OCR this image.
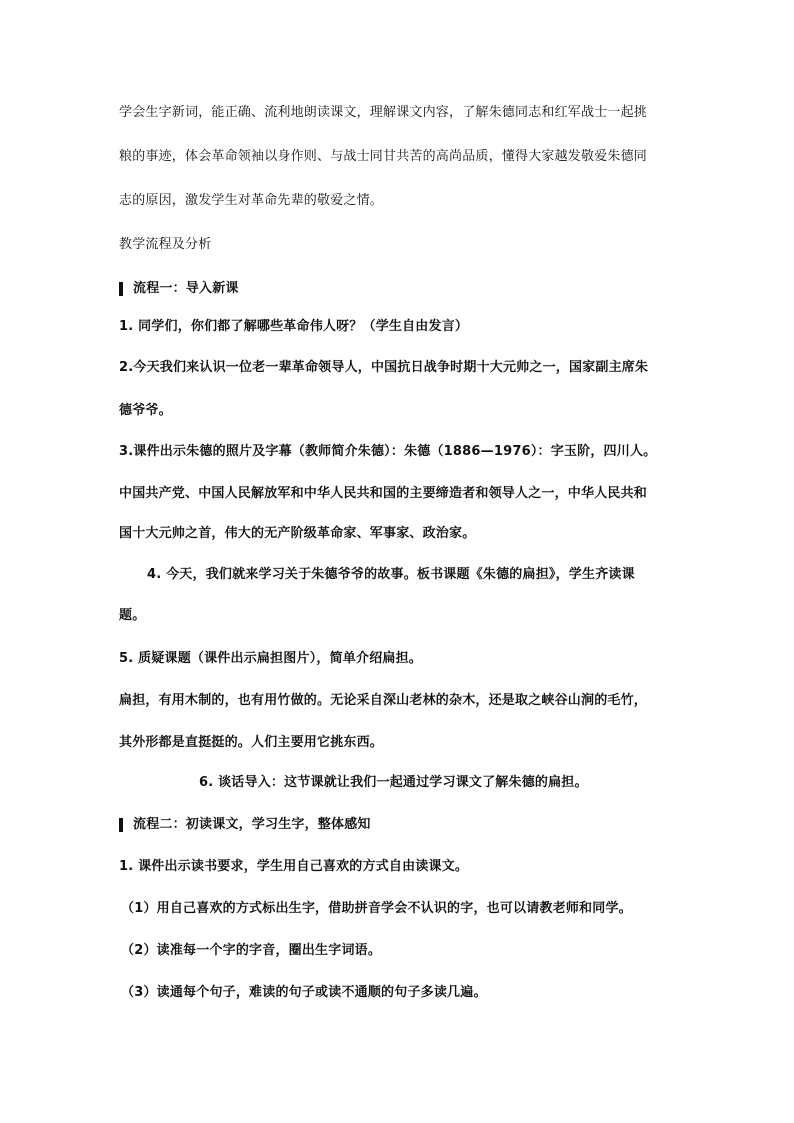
学会生字新词，能正确、流利地朗读课文，理解课文内容，了解朱德同志和红军战士一起挑

粮的事迹，体会革命领袖以身作则、与战士同甘共苦的高尚品质，懂得大家越发敬爱朱德同

志的原因，激发学生对革命先辈的敬爱之情。

教学流程及分析

流程一：导入新课

1. 同学们，你们都了解哪些革命伟人呀？（学生自由发言）

2.今天我们来认识一位老一辈革命领导人，中国抗日战争时期十大元帅之一，国家副主席朱

德爷爷。

3.课件出示朱德的照片及字幕（教师简介朱德）：朱德（1886—1976）：字玉阶，四川人。

中国共产党、中国人民解放军和中华人民共和国的主要缔造者和领导人之一，中华人民共和

国十大元帅之首，伟大的无产阶级革命家、军事家、政治家。

4. 今天，我们就来学习关于朱德爷爷的故事。板书课题《朱德的扁担》，学生齐读课

题。

5. 质疑课题（课件出示扁担图片），简单介绍扁担。

扁担，有用木制的，也有用竹做的。无论采自深山老林的杂木，还是取之峡谷山涧的毛竹，

其外形都是直挺挺的。人们主要用它挑东西。

6. 谈话导入：这节课就让我们一起通过学习课文了解朱德的扁担。

流程二：初读课文，学习生字，整体感知

1. 课件出示读书要求，学生用自己喜欢的方式自由读课文。

（1）用自己喜欢的方式标出生字，借助拼音学会不认识的字，也可以请教老师和同学。

（2）读准每一个字的字音，圈出生字词语。

（3）读通每个句子，难读的句子或读不通顺的句子多读几遍。
